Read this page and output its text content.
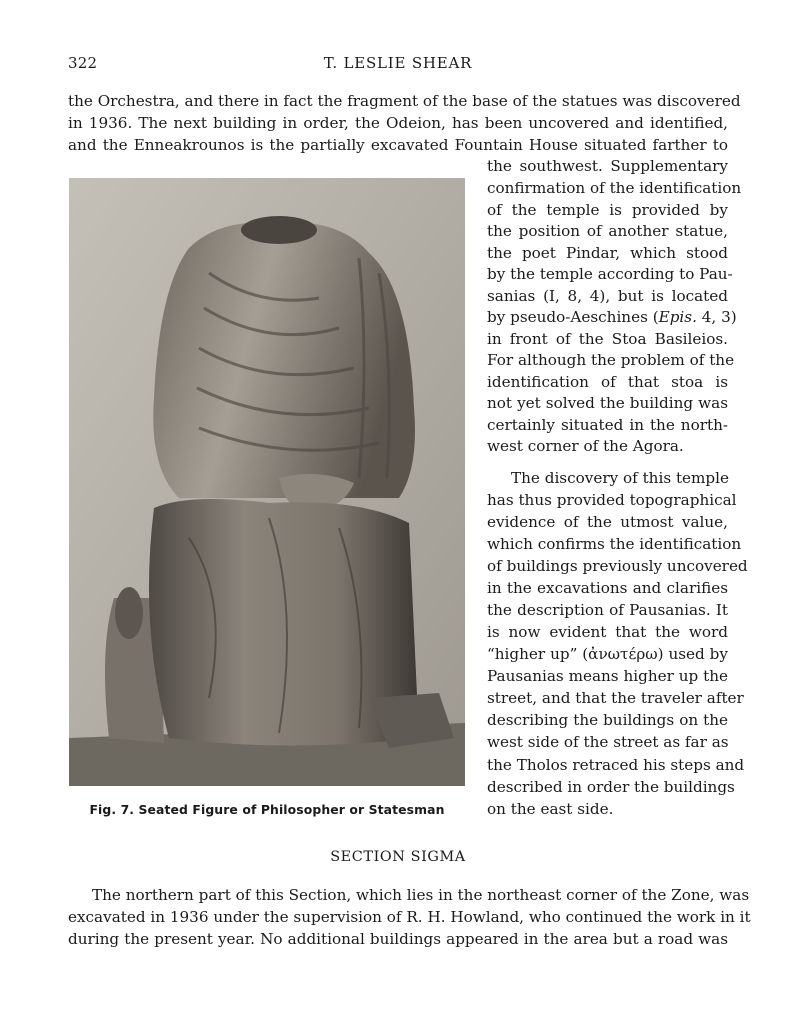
322	T. LESLIE SHEAR
the Orchestra, and there in fact the fragment of the base of the statues was discovered
in 1936. The next building in order, the Odeion, has been uncovered and identified,
and the Enneakrounos is the partially excavated Fountain House situated farther to
the southwest. Supplementary
confirmation of the identification
of the temple is provided by
the position of another statue,
the poet Pindar, which stood
by the temple according to Pau-
sanias (I, 8, 4), but is located
by pseudo-Aeschines ( Epis. 4, 3)
in front of the Stoa Basileios.
For although the problem of the
identification of that stoa is
not yet solved the building was
certainly situated in the north-
west corner of the Agora.
The discovery of this temple
has thus provided topographical
evidence of the utmost value,
which confirms the identification
of buildings previously uncovered
in the excavations and clarifies
the description of Pausanias. It
is now evident that the word
“higher up” (ἀνωτέρω) used by
Pausanias means higher up the
street, and that the traveler after
describing the buildings on the
west side of the street as far as
the Tholos retraced his steps and
described in order the buildings
on the east side.
Fig. 7. Seated Figure of Philosopher or Statesman
SECTION SIGMA
The northern part of this Section, which lies in the northeast corner of the Zone, was
excavated in 1936 under the supervision of R. H. Howland, who continued the work in it
during the present year. No additional buildings appeared in the area but a road was
